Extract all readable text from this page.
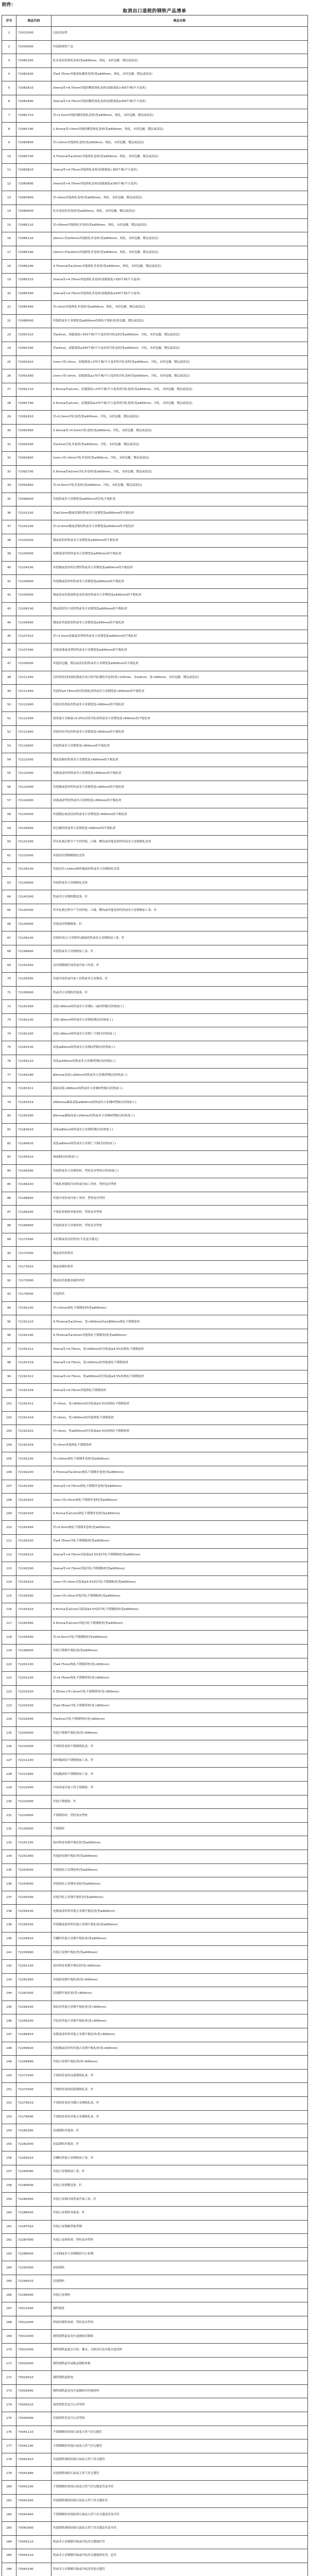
附件：
取消出口退税的钢铁产品清单
序号	商品代码	商品名称
1	72031000	直接还原铁
2	72039000	其他海绵铁产品
3	72081000	轧有花纹的热轧卷材(宽≥600mm，热轧，未经包覆、镀层或涂层)
4	72082500	厚≥4.75mm其他热轧酸洗卷材(宽≥600mm，热轧，未经包覆、镀层或涂层)
5	72082610	3mm≤厚<4.75mm其他经酸洗热轧卷材(屈服强度>355牛顿/平方毫米)
6	72082690	3mm≤厚<4.75mm其他经酸洗热轧卷材(屈服强度≤355牛顿/平方毫米)
7	72082710	厚<1.5mm其他经酸洗热轧卷材(宽≥600mm，热轧，未经包覆、镀层或涂层)
8	72082790	1.5mm≤厚<3mm其他经酸洗热轧卷材(宽≥600mm，热轧，未经包覆、镀层或涂层)
9	72083600	厚>10mm其他热轧卷材(宽≥600mm，热轧，未经包覆、镀层或涂层)
10	72083700	4.75mm≤厚≤10mm其他热轧卷材(宽≥600mm，热轧，未经包覆、镀层或涂层)
11	72083810	3mm≤厚<4.75mm其他热轧卷材(屈服强度>355牛顿/平方毫米)
12	72083890	3mm≤厚<4.75mm其他热轧卷材(屈服强度≤355牛顿/平方毫米)
13	72083900	厚<3mm其他热轧卷材(宽≥600mm，热轧，未经包覆、镀层或涂层)
14	72084000	轧有花纹的非卷材(宽≥600mm，热轧，未经包覆、镀层或涂层)
15	72085110	厚>50mm其他热轧非卷材(宽≥600mm，热轧，未经包覆、镀层或涂层)
16	72085120	20mm<厚≤50mm其他热轧非卷材(宽≥600mm，热轧，未经包覆、镀层或涂层)
17	72085190	10mm<厚≤20mm其他热轧非卷材(宽≥600mm，热轧，未经包覆、镀层或涂层)
18	72085200	4.75mm≤厚≤10mm其他热轧非卷材(宽≥600mm，热轧，未经包覆、镀层或涂层)
19	72085310	3mm≤厚<4.75mm其他热轧非卷材(屈服强度>355牛顿/平方毫米)
20	72085390	3mm≤厚<4.75mm其他热轧非卷材(屈服强度≤355牛顿/平方毫米)
21	72085400	厚<3mm其他热轧非卷材(宽≥600mm，热轧，未经包覆、镀层或涂层)
22	72089000	其他铁或非合金钢宽度≥600mm的热轧平板轧材(经包覆、镀层或涂层)
23	72091510	厚≥3mm，屈服强度>355牛顿/平方毫米的冷轧卷材(宽≥600mm，冷轧，未经包覆、镀层或涂层)
24	72091590	厚≥3mm，屈服强度≤355牛顿/平方毫米的冷轧卷材(宽≥600mm，冷轧，未经包覆、镀层或涂层)
25	72091610	1mm<厚<3mm，屈服强度>275牛顿/平方毫米的冷轧卷材(宽≥600mm，冷轧，未经包覆、镀层或涂层)
26	72091690	1mm<厚<3mm，屈服强度≤275牛顿/平方毫米的冷轧卷材(宽≥600mm，冷轧，未经包覆、镀层或涂层)
27	72091710	0.5mm≤厚≤1mm，屈服强度>275牛顿/平方毫米的冷轧卷材(宽≥600mm，冷轧，未经包覆、镀层或涂层)
28	72091790	0.5mm≤厚≤1mm，屈服强度≤275牛顿/平方毫米的冷轧卷材(宽≥600mm，冷轧，未经包覆、镀层或涂层)
29	72091810	厚<0.3mm冷轧卷材(宽≥600mm，冷轧，未经包覆、镀层或涂层)
30	72091890	0.3mm≤厚<0.5mm冷轧卷材(宽≥600mm，冷轧，未经包覆、镀层或涂层)
31	72092500	厚≥3mm冷轧非卷材(宽≥600mm，冷轧，未经包覆、镀层或涂层)
32	72092600	1mm<厚<3mm冷轧非卷材(宽≥600mm，冷轧，未经包覆、镀层或涂层)
33	72092700	0.5mm≤厚≤1mm冷轧非卷材(宽≥600mm，冷轧，未经包覆、镀层或涂层)
34	72092800	厚<0.5mm冷轧非卷材(宽≥600mm，冷轧，未经包覆、镀层或涂层)
35	72099000	其他铁或非合金钢宽度≥600mm的冷轧平板轧材
36	72101100	厚≥0.5mm镀或涂锡的铁或非合金钢宽度≥600mm的平板轧材
37	72101200	厚<0.5mm镀或涂锡的铁或非合金钢宽度≥600mm的平板轧材
38	72102000	镀或涂铅的铁或非合金钢宽度≥600mm的平板轧材
39	72103000	电镀或涂锌的铁或非合金钢宽度≥600mm的平板轧材
40	72104100	其他镀或涂锌的瓦楞形铁或非合金钢宽度≥600mm的平板轧材
41	72104900	其他镀或涂锌的铁或非合金钢宽度≥600mm的平板轧材
42	72105000	镀或涂氧化铬或铬及氧化铬的铁或非合金钢宽度≥600mm的平板轧材
43	72106100	镀或涂铝锌合金的铁或非合金钢宽度≥600mm的平板轧材
44	72106900	镀或涂其他铝的铁或非合金钢宽度≥600mm的平板轧材
45	72107010	厚<1.5mm涂漆或涂塑的铁或非合金钢宽度≥600mm的平板轧材
46	72107090	其他涂漆或涂塑的铁或非合金钢宽度≥600mm的平板轧材
47	72109000	其他经包覆、镀层或涂层的铁或非合金钢宽度≥600mm的平板轧材
48	72111300	仅经热轧的四面轧制或在闭合匣内轧制的非卷材(宽>150mm，厚≥4mm，宽<600mm，未经包覆、镀层或涂层)
49	72111400	其他厚≥4.75mm的仅经热轧的铁或非合金钢宽度<600mm的平板轧材
50	72111900	其他仅经热轧的铁或非合金钢宽度<600mm的平板轧材
51	72112300	按重量计含碳量<0.25%仅经冷轧的铁或非合金钢宽度<600mm的平板轧材
52	72112900	其他仅经冷轧的铁或非合金钢宽度<600mm的平板轧材
53	72119000	其他铁或非合金钢宽度<600mm的平板轧材
54	72121000	镀或涂锡的铁或非合金钢宽度<600mm的平板轧材
55	72122000	电镀或涂锌的铁或非合金钢宽度<600mm的平板轧材
56	72123000	其他镀或涂锌的铁或非合金钢宽度<600mm的平板轧材
57	72124000	涂漆或涂塑的铁或非合金钢宽度<600mm的平板轧材
58	72125000	其他镀层或涂层的铁或非合金钢宽度<600mm的平板轧材
59	72126000	经包覆的铁或非合金钢宽度<600mm的平板轧材
60	72131000	带有轧制过程中产生的凹痕、凸缘、槽沟或其他变形的铁或非合金钢热轧盘条
61	72132000	其他易切削钢制热轧盘条
62	72139100	其他直径<14mm圆形截面的铁或非合金钢热轧盘条
63	72139900	其他铁或非合金钢热轧盘条
64	72141000	铁或非合金钢的锻造条、杆
65	72142000	带有轧制过程中产生的凹痕、凸缘、槽沟或其他变形的铁或非合金钢热加工条、杆
66	72143000	其他易切削钢制条、杆
67	72149100	其他矩形(正方形除外)截面的铁或非合金钢热加工条、杆
68	72149900	其他铁或非合金钢热加工条、杆
69	72151000	易切削钢制冷成形或冷加工的条、杆
70	72155000	其他冷成形或冷加工的铁或非合金钢条、杆
71	72159000	铁或非合金钢的其他条、杆
72	72161000	高度<80mm的铁或非合金钢U、I或H型钢(仅经热加工)
73	72162100	高度<80mm的铁或非合金钢角钢(仅经热加工)
74	72162200	高度<80mm的铁或非合金钢丁字钢(仅经热加工)
75	72163100	高度≥80mm的铁或非合金钢U型钢(仅经热加工)
76	72163210	高度≥200mm的铁或非合金钢I型钢(仅经热加工)
77	72163290	80mm≤高度<200mm的铁或非合金钢I型钢(仅经热加工)
78	72163311	截面高度>800mm的铁或非合金钢H型钢(仅经热加工)
79	72163319	200mm≤截面高度≤800mm的铁或非合金钢H型钢(仅经热加工)
80	72163390	80mm≤截面高度<200mm的铁或非合金钢H型钢(仅经热加工)
81	72164010	高度≥80mm的铁或非合金钢角钢(仅经热加工)
82	72164020	高度≥80mm的铁或非合金钢丁字钢(仅经热加工)
83	72165010	球扁钢(仅经热加工)
84	72165090	其他铁或非合金钢角材、型材及异型材(仅经热加工)
85	72166100	平板轧材制的冷成形或冷加工角材、型材及异型材
86	72166900	其他冷成形或冷加工角材、型材及异型材
87	72169100	平板轧材制的其他角材、型材及异型材
88	72169900	其他铁或非合金钢角材、型材及异型材
89	72171000	未经镀或涂层的铁丝(不论是否抛光)
90	72172000	镀或涂锌的铁丝
91	72173010	镀或涂铜的铁丝
92	72173090	镀或涂其他贱金属的铁丝
93	72179000	其他铁丝
94	72191100	厚>10mm热轧不锈钢卷材(宽≥600mm)
95	72191210	4.75mm≤厚≤10mm，宽>600mm但≤1800mm热轧不锈钢卷材
96	72191290	4.75mm≤厚≤10mm其他热轧不锈钢卷材(宽≥600mm)
97	72191312	3mm≤厚<4.75mm，宽>600mm的含锰量≥5.5%的热轧不锈钢卷材
98	72191319	3mm≤厚<4.75mm，宽>600mm的其他热轧不锈钢卷材
99	72191322	3mm≤厚<4.75mm，宽≤600mm的含锰量≥5.5%的热轧不锈钢卷材
100	72191329	3mm≤厚<4.75mm其他热轧不锈钢卷材
101	72191412	厚<3mm，宽>600mm的含锰量≥5.5%的热轧不锈钢卷材
102	72191419	厚<3mm，宽>600mm的其他热轧不锈钢卷材
103	72191422	厚<3mm，宽≤600mm的含锰量≥5.5%的热轧不锈钢卷材
104	72191429	厚<3mm其他热轧不锈钢卷材
105	72192100	厚>10mm热轧不锈钢非卷材(宽≥600mm)
106	72192200	4.75mm≤厚≤10mm热轧不锈钢非卷材(宽≥600mm)
107	72192300	3mm≤厚<4.75mm热轧不锈钢非卷材(宽≥600mm)
108	72192410	1mm<厚<3mm热轧不锈钢非卷材(宽≥600mm)
109	72192420	0.5mm≤厚≤1mm热轧不锈钢非卷材(宽≥600mm)
110	72192430	厚<0.5mm热轧不锈钢非卷材(宽≥600mm)
111	72193100	厚≥4.75mm冷轧不锈钢板材(宽≥600mm)
112	72193210	3mm≤厚<4.75mm含锰量≥5.5%的冷轧不锈钢板材(宽≥600mm)
113	72193290	3mm≤厚<4.75mm其他冷轧不锈钢板材(宽≥600mm)
114	72193310	1mm<厚<3mm含锰量≥5.5%的冷轧不锈钢板材(宽≥600mm)
115	72193390	1mm<厚<3mm其他冷轧不锈钢板材(宽≥600mm)
116	72193410	0.5mm≤厚≤1mm含锰量≥5.5%的冷轧不锈钢板材(宽≥600mm)
117	72193490	0.5mm≤厚≤1mm其他冷轧不锈钢板材(宽≥600mm)
118	72193500	厚<0.5mm冷轧不锈钢板材(宽≥600mm)
119	72199000	其他不锈钢平板轧材(宽≥600mm)
120	72201100	厚≥4.75mm热轧不锈钢带材(宽<600mm)
121	72201200	厚<4.75mm热轧不锈钢带材(宽<600mm)
122	72202020	0.35mm<厚<3mm冷轧不锈钢带材(宽<600mm)
123	72202030	厚≤0.35mm冷轧不锈钢带材(宽<600mm)
124	72202040	厚≥3mm冷轧不锈钢带材(宽<600mm)
125	72209000	其他不锈钢平板轧材(宽<600mm)
126	72210000	不规则盘卷的不锈钢热轧条、杆
127	72221100	圆形截面的不锈钢热加工条、杆
128	72221900	其他截面的不锈钢热加工条、杆
129	72222000	冷成形或冷加工的不锈钢条、杆
130	72223000	其他不锈钢条、杆
131	72224000	不锈钢角材、型材及异型材
132	72230000	不锈钢丝
133	72251100	取向性硅电钢平板轧材(宽≥600mm)
134	72251900	其他硅电钢平板轧材(宽≥600mm)
135	72253000	其他热轧合金钢卷材(宽≥600mm)
136	72254000	其他热轧合金钢非卷材(宽≥600mm)
137	72255000	其他冷轧合金钢平板轧材(宽≥600mm)
138	72259100	电镀或涂锌的其他合金钢平板轧材(宽≥600mm)
139	72259200	其他镀或涂锌的其他合金钢平板轧材(宽≥600mm)
140	72259910	含硼的其他合金钢平板轧材(宽≥600mm)
141	72259990	其他合金钢平板轧材(宽≥600mm)
142	72261100	取向性硅电钢平板轧材(宽<600mm)
143	72261900	其他硅电钢平板轧材(宽<600mm)
144	72262000	高速钢平板轧材(宽<600mm)
145	72269100	热轧的其他合金钢平板轧材(宽<600mm)
146	72269200	冷轧的其他合金钢平板轧材(宽<600mm)
147	72269910	电镀或涂锌的其他合金钢平板轧材(宽<600mm)
148	72269920	其他镀或涂锌的其他合金钢平板轧材(宽<600mm)
149	72269990	其他合金钢平板轧材(宽<600mm)
150	72271000	不规则盘卷的高速钢热轧条、杆
151	72272000	不规则盘卷的硅锰钢热轧条、杆
152	72279010	不规则盘卷的含硼合金钢热轧条、杆
153	72279090	不规则盘卷的其他合金钢热轧条、杆
154	72281000	高速钢的其他条、杆
155	72282000	硅锰钢的其他条、杆
156	72283010	含硼的其他合金钢热加工条、杆
157	72283090	其他合金钢热加工条、杆
158	72284000	其他合金钢锻造条、杆
159	72285000	其他合金钢冷成形或冷加工条、杆
160	72286000	其他合金钢的其他条、杆
161	72287010	其他合金钢履带板型钢
162	72287090	其他合金钢角材、型材及异型材
163	72288000	合金钢或非合金钢制的空心钻钢
164	72292000	硅锰钢丝
165	72299010	高速钢丝
166	72299090	其他合金钢丝
167	73011000	钢铁板桩
168	73012000	焊接的钢铁角材、型材及异型材
169	73021000	钢铁制铁道及电车道铺轨用钢轨
170	73023000	钢铁制铁道道岔尖轨、辙叉、尖轨拉杆及其他岔道段体
171	73024000	钢铁制铁道鱼尾板及钢轨垫板
172	73029010	钢铁制铁道轨枕
173	73029090	钢铁制铁道及电车道铺轨用其他材料
174	73030010	球墨铸铁管及空心异型材
175	73030090	其他铸铁管及空心异型材
176	73041110	不锈钢制的钻探石油及天然气用无缝管
177	73041190	不锈钢制的其他石油及天然气用无缝管
178	73041910	其他钢铁制的钻探石油及天然气用无缝管
179	73041990	其他钢铁制的石油及天然气用无缝管
180	73042200	不锈钢制的钻探石油及天然气用无缝套管及导管
181	73042300	其他钢铁制的钻探石油及天然气用无缝钻管
182	73042400	不锈钢制的其他钻探石油及天然气用无缝套管及导管
183	73042900	其他钢铁制的钻探石油及天然气用无缝套管及导管
184	73043110	铁或非合金钢制冷拔或冷轧的无缝锅炉管
185	73043120	铁或非合金钢制冷拔或冷轧的无缝地质钻管、套管
186	73043190	铁或非合金钢制冷拔或冷轧的其他无缝管
